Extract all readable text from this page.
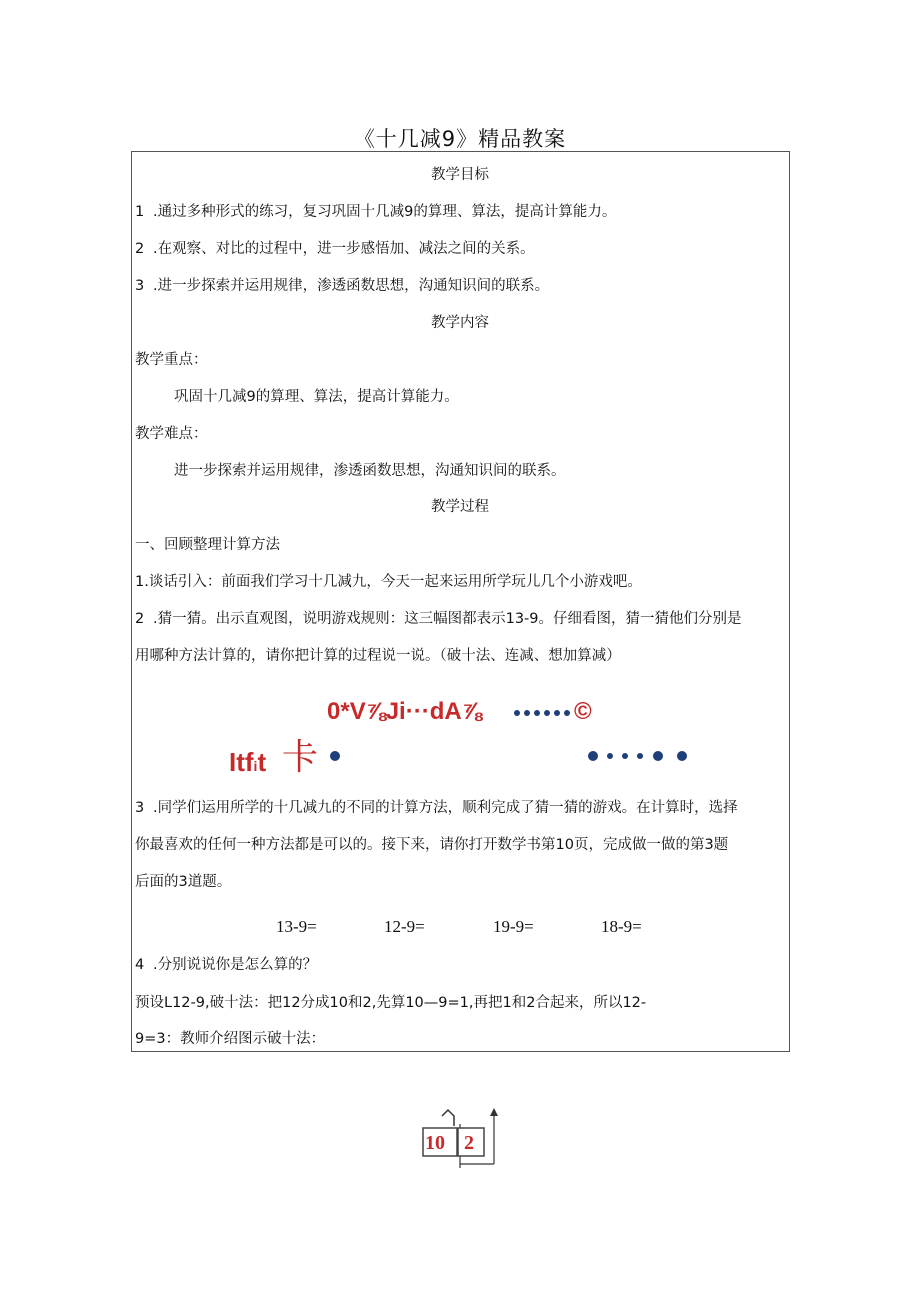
《十几减9》精品教案
教学目标
1 .通过多种形式的练习，复习巩固十几减9的算理、算法，提高计算能力。
2 .在观察、对比的过程中，进一步感悟加、减法之间的关系。
3 .进一步探索并运用规律，渗透函数思想，沟通知识间的联系。
教学内容
教学重点：
巩固十几减9的算理、算法，提高计算能力。
教学难点：
进一步探索并运用规律，渗透函数思想，沟通知识间的联系。
教学过程
一、回顾整理计算方法
1.谈话引入：前面我们学习十几减九，今天一起来运用所学玩儿几个小游戏吧。
2 .猜一猜。出示直观图，说明游戏规则：这三幅图都表示13-9。仔细看图，猜一猜他们分别是
用哪种方法计算的，请你把计算的过程说一说。（破十法、连减、想加算减）
0*V⅞Ji···dA⅞	©
Itfit 卡
3 .同学们运用所学的十几减九的不同的计算方法，顺利完成了猜一猜的游戏。在计算时，选择
你最喜欢的任何一种方法都是可以的。接下来，请你打开数学书第10页，完成做一做的第3题
后面的3道题。
13-9=	12-9=	19-9=	18-9=
4 .分别说说你是怎么算的？
预设L12-9,破十法：把12分成10和2,先算10—9=1,再把1和2合起来，所以12-
9=3：教师介绍图示破十法：
10 2
